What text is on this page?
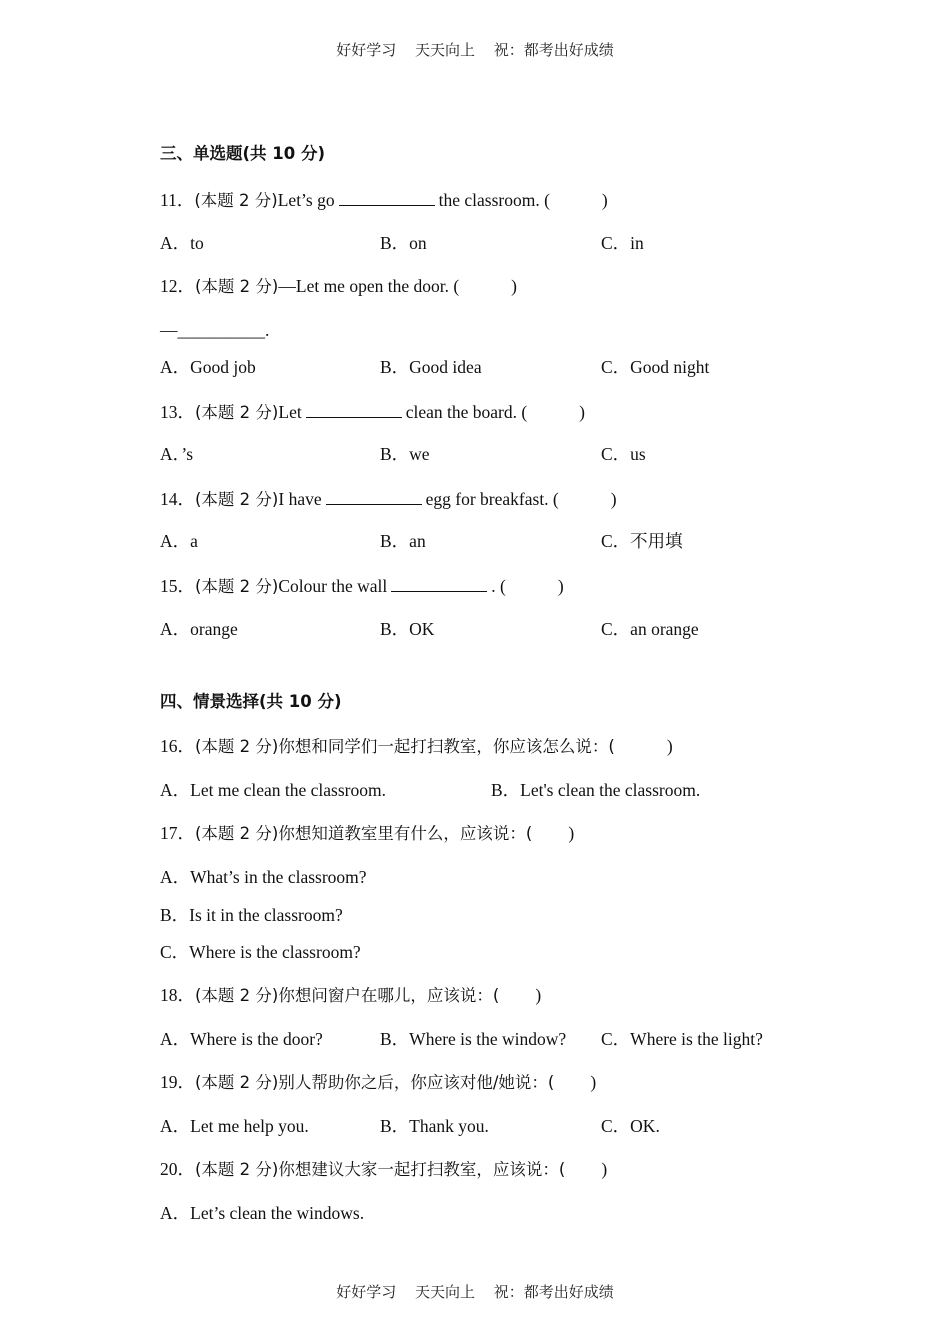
好好学习 天天向上 祝：都考出好成绩
三、单选题(共 10 分)
11．(本题 2 分)Let’s go	the classroom. (	)
A．to	B．on	C．in
12．(本题 2 分)—Let me open the door. (	)
—__________.
A．Good job	B．Good idea	C．Good night
13．(本题 2 分)Let	clean the board. (	)
A．’s	B．we	C．us
14．(本题 2 分)I have	egg for breakfast. (	)
A．a	B．an	C．不用填
15．(本题 2 分)Colour the wall	. (	)
A．orange	B．OK	C．an orange
四、情景选择(共 10 分)
16．(本题 2 分)你想和同学们一起打扫教室，你应该怎么说：(	)
A．Let me clean the classroom.	B．Let's clean the classroom.
17．(本题 2 分)你想知道教室里有什么，应该说：( )
A．What’s in the classroom?
B．Is it in the classroom?
C．Where is the classroom?
18．(本题 2 分)你想问窗户在哪儿，应该说：( )
A．Where is the door?	B．Where is the window? C．Where is the light?
19．(本题 2 分)别人帮助你之后，你应该对他/她说：( )
A．Let me help you.	B．Thank you.	C．OK.
20．(本题 2 分)你想建议大家一起打扫教室，应该说：( )
A．Let’s clean the windows.
好好学习 天天向上 祝：都考出好成绩
